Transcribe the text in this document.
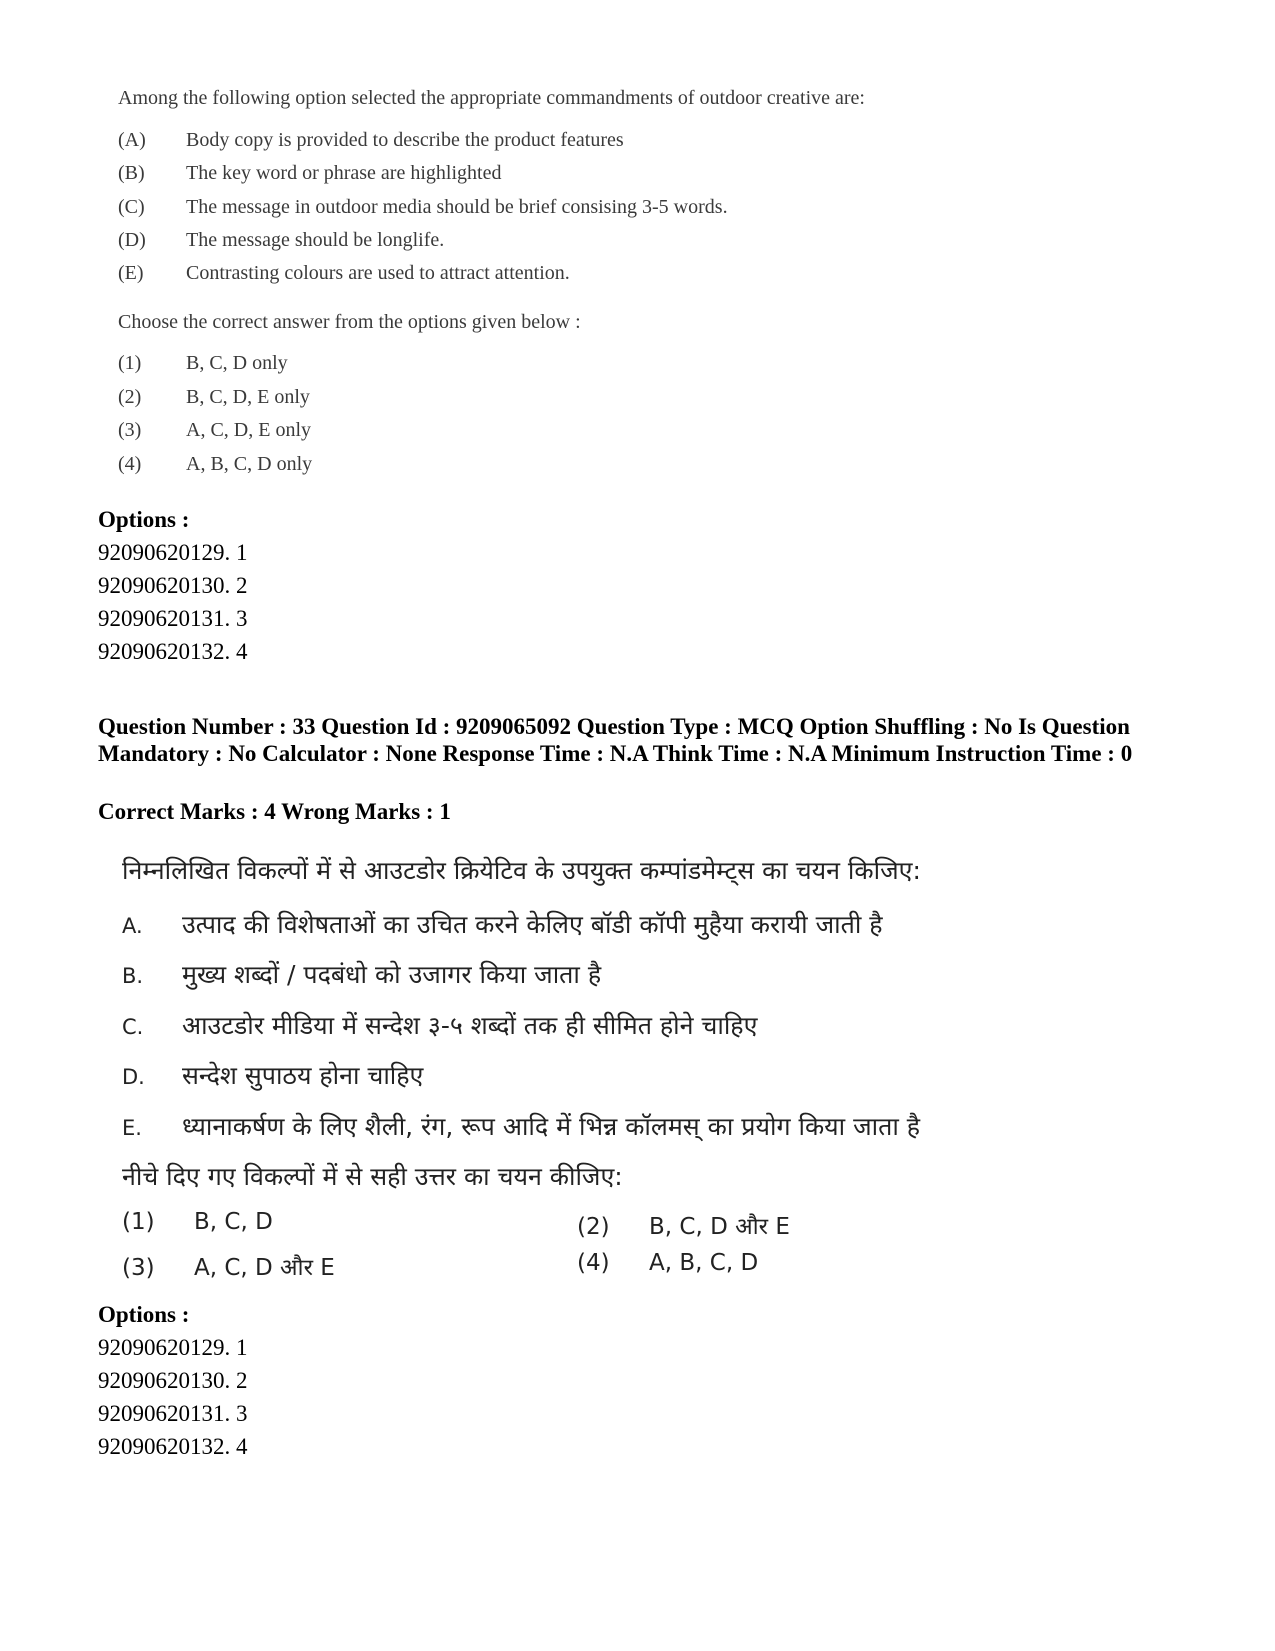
Among the following option selected the appropriate commandments of outdoor creative are:
(A) Body copy is provided to describe the product features
(B) The key word or phrase are highlighted
(C) The message in outdoor media should be brief consising 3-5 words.
(D) The message should be longlife.
(E) Contrasting colours are used to attract attention.
Choose the correct answer from the options given below :
(1) B, C, D only
(2) B, C, D, E only
(3) A, C, D, E only
(4) A, B, C, D only
Options :
92090620129. 1
92090620130. 2
92090620131. 3
92090620132. 4
Question Number : 33 Question Id : 9209065092 Question Type : MCQ Option Shuffling : No Is Question Mandatory : No Calculator : None Response Time : N.A Think Time : N.A Minimum Instruction Time : 0
Correct Marks : 4 Wrong Marks : 1
निम्नलिखित विकल्पों में से आउटडोर क्रियेटिव के उपयुक्त कम्पांडमेम्ट्स का चयन किजिए:
A. उत्पाद की विशेषताओं का उचित करने केलिए बॉडी कॉपी मुहैया करायी जाती है
B. मुख्य शब्दों / पदबंधो को उजागर किया जाता है
C. आउटडोर मीडिया में सन्देश ३-५ शब्दों तक ही सीमित होने चाहिए
D. सन्देश सुपाठय होना चाहिए
E. ध्यानाकर्षण के लिए शैली, रंग, रूप आदि में भिन्न कॉलमस् का प्रयोग किया जाता है
नीचे दिए गए विकल्पों में से सही उत्तर का चयन कीजिए:
(1) B, C, D	(2) B, C, D और E
(3) A, C, D और E	(4) A, B, C, D
Options :
92090620129. 1
92090620130. 2
92090620131. 3
92090620132. 4
